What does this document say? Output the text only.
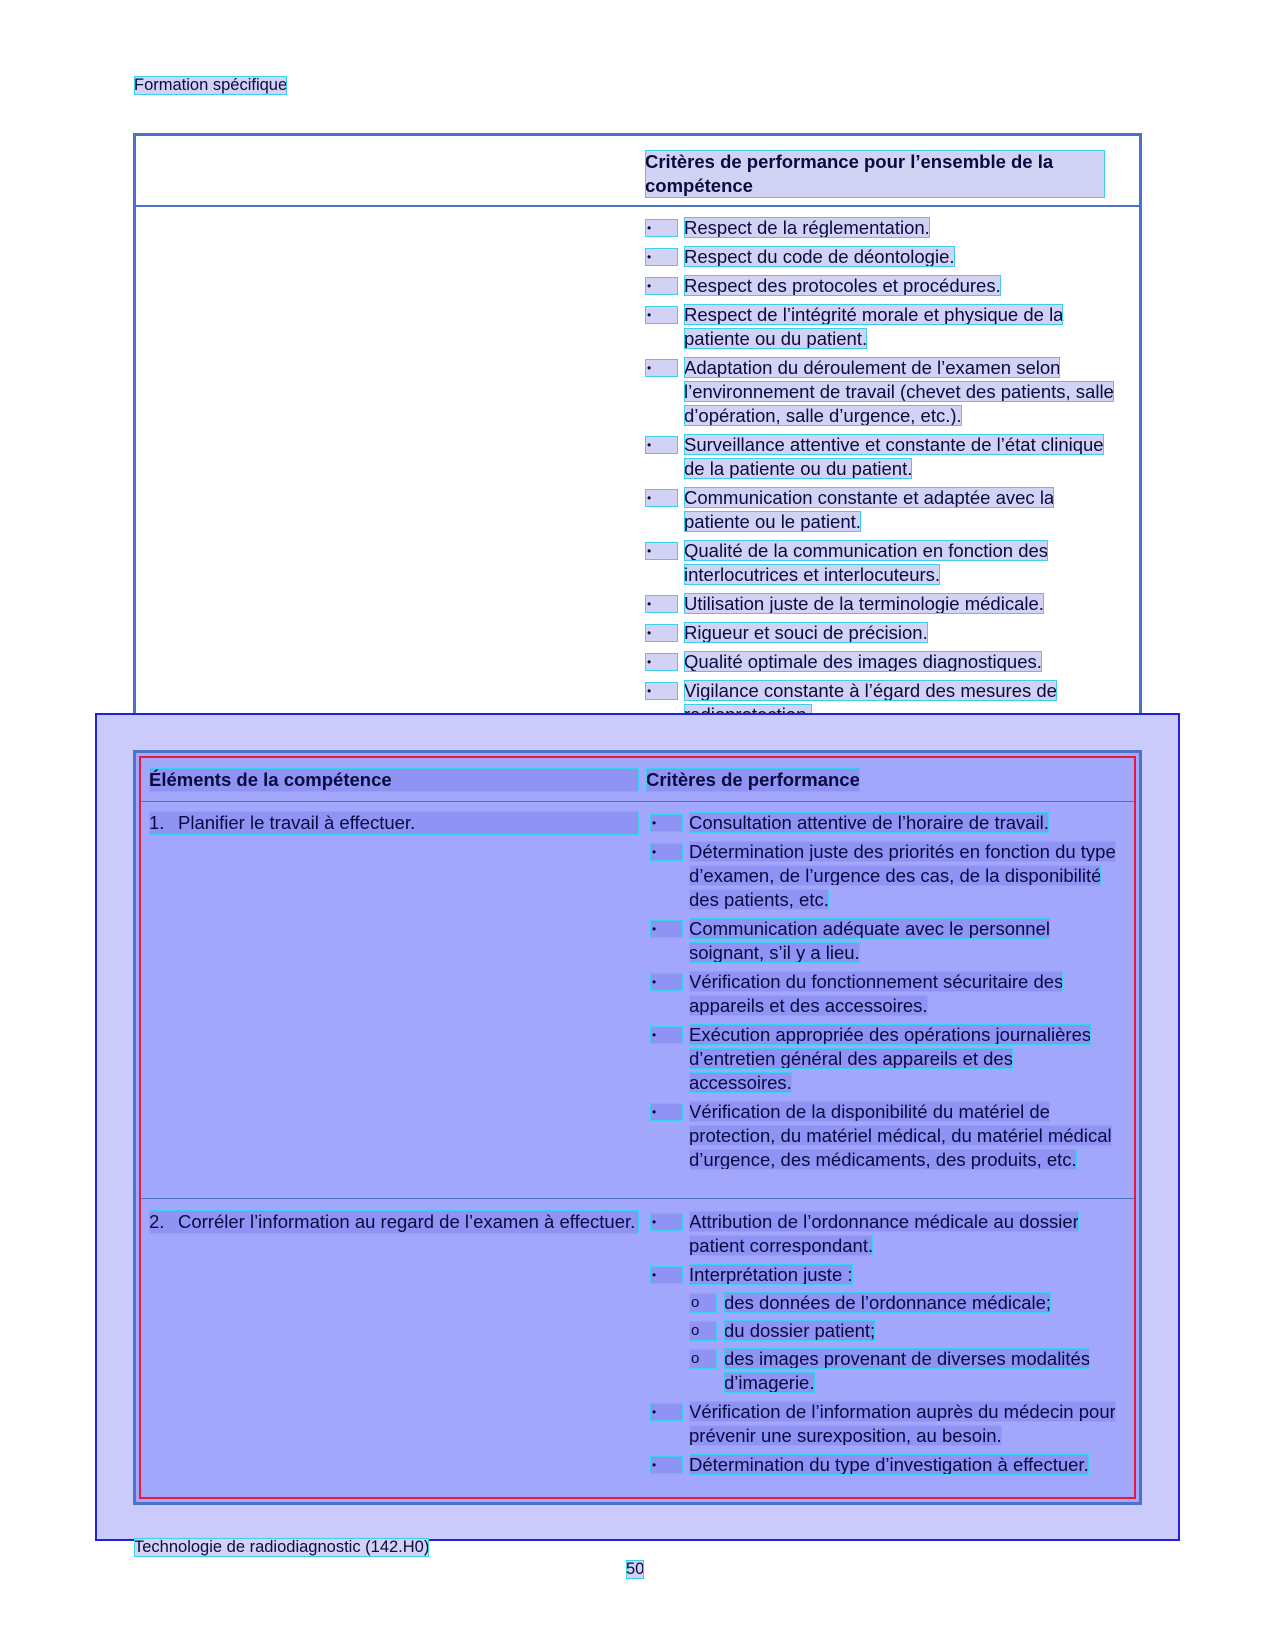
Formation spécifique
Critères de performance pour l’ensemble de la compétence
•	Respect de la réglementation.
•	Respect du code de déontologie.
•	Respect des protocoles et procédures.
•	Respect de l’intégrité morale et physique de la patiente ou du patient.
•	Adaptation du déroulement de l’examen selon l’environnement de travail (chevet des patients, salle d’opération, salle d’urgence, etc.).
•	Surveillance attentive et constante de l’état clinique de la patiente ou du patient.
•	Communication constante et adaptée avec la patiente ou le patient.
•	Qualité de la communication en fonction des interlocutrices et interlocuteurs.
•	Utilisation juste de la terminologie médicale.
•	Rigueur et souci de précision.
•	Qualité optimale des images diagnostiques.
•	Vigilance constante à l’égard des mesures de
Éléments de la compétence	Critères de performance
1. Planifier le travail à effectuer.	•	Consultation attentive de l’horaire de travail.
•	Détermination juste des priorités en fonction du type d’examen, de l’urgence des cas, de la disponibilité des patients, etc.
•	Communication adéquate avec le personnel soignant, s’il y a lieu.
•	Vérification du fonctionnement sécuritaire des appareils et des accessoires.
•	Exécution appropriée des opérations journalières d’entretien général des appareils et des accessoires.
•	Vérification de la disponibilité du matériel de protection, du matériel médical, du matériel médical d’urgence, des médicaments, des produits, etc.
2. Corréler l’information au regard de l’examen à effectuer.	•	Attribution de l’ordonnance médicale au dossier patient correspondant.
•	Interprétation juste :
o	des données de l’ordonnance médicale;
o	du dossier patient;
o	des images provenant de diverses modalités d’imagerie.
•	Vérification de l’information auprès du médecin pour prévenir une surexposition, au besoin.
•	Détermination du type d’investigation à effectuer.
Technologie de radiodiagnostic (142.H0)
50
